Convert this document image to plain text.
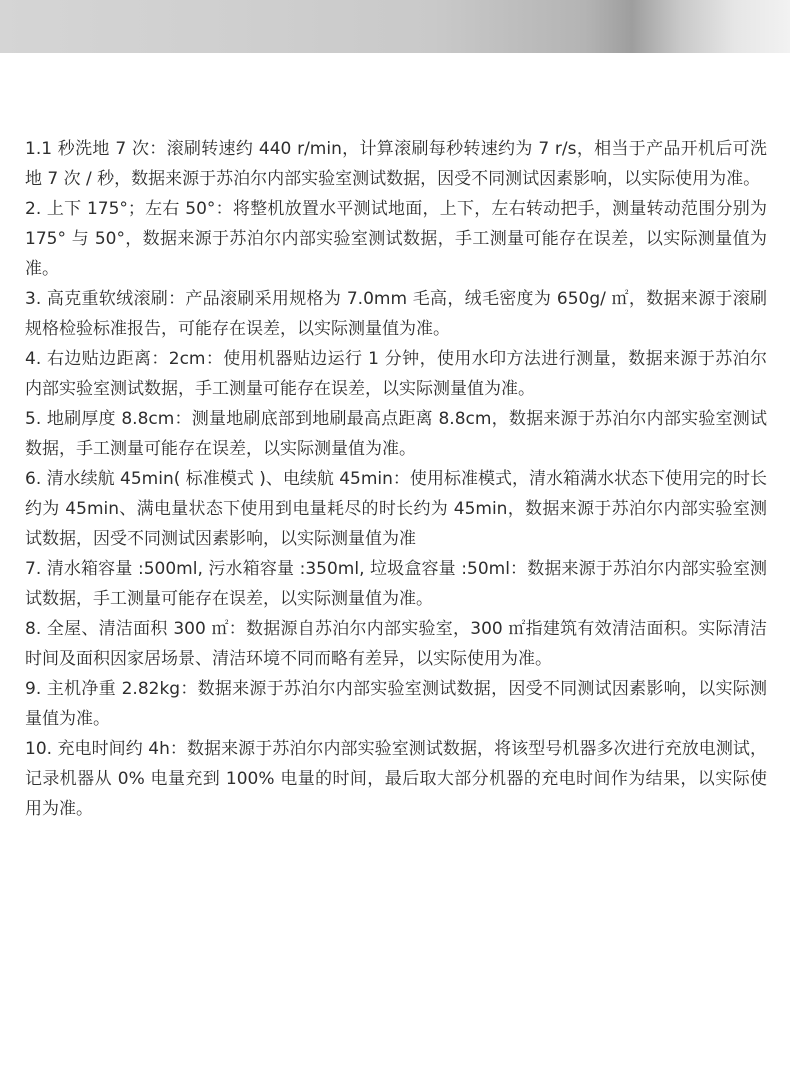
1.1 秒洗地 7 次：滚刷转速约 440 r/min，计算滚刷每秒转速约为 7 r/s，相当于产品开机后可洗地 7 次 / 秒，数据来源于苏泊尔内部实验室测试数据，因受不同测试因素影响，以实际使用为准。
2. 上下 175°；左右 50°：将整机放置水平测试地面，上下，左右转动把手，测量转动范围分别为 175° 与 50°，数据来源于苏泊尔内部实验室测试数据，手工测量可能存在误差，以实际测量值为准。
3. 高克重软绒滚刷：产品滚刷采用规格为 7.0mm 毛高，绒毛密度为 650g/ ㎡，数据来源于滚刷规格检验标准报告，可能存在误差，以实际测量值为准。
4. 右边贴边距离：2cm：使用机器贴边运行 1 分钟，使用水印方法进行测量，数据来源于苏泊尔内部实验室测试数据，手工测量可能存在误差，以实际测量值为准。
5. 地刷厚度 8.8cm：测量地刷底部到地刷最高点距离 8.8cm，数据来源于苏泊尔内部实验室测试数据，手工测量可能存在误差，以实际测量值为准。
6. 清水续航 45min( 标准模式 )、电续航 45min：使用标准模式，清水箱满水状态下使用完的时长约为 45min、满电量状态下使用到电量耗尽的时长约为 45min，数据来源于苏泊尔内部实验室测试数据，因受不同测试因素影响，以实际测量值为准
7. 清水箱容量 :500ml, 污水箱容量 :350ml, 垃圾盒容量 :50ml：数据来源于苏泊尔内部实验室测试数据，手工测量可能存在误差，以实际测量值为准。
8. 全屋、清洁面积 300 ㎡：数据源自苏泊尔内部实验室，300 ㎡指建筑有效清洁面积。实际清洁时间及面积因家居场景、清洁环境不同而略有差异，以实际使用为准。
9. 主机净重 2.82kg：数据来源于苏泊尔内部实验室测试数据，因受不同测试因素影响，以实际测量值为准。
10. 充电时间约 4h：数据来源于苏泊尔内部实验室测试数据，将该型号机器多次进行充放电测试，记录机器从 0% 电量充到 100% 电量的时间，最后取大部分机器的充电时间作为结果，以实际使用为准。
